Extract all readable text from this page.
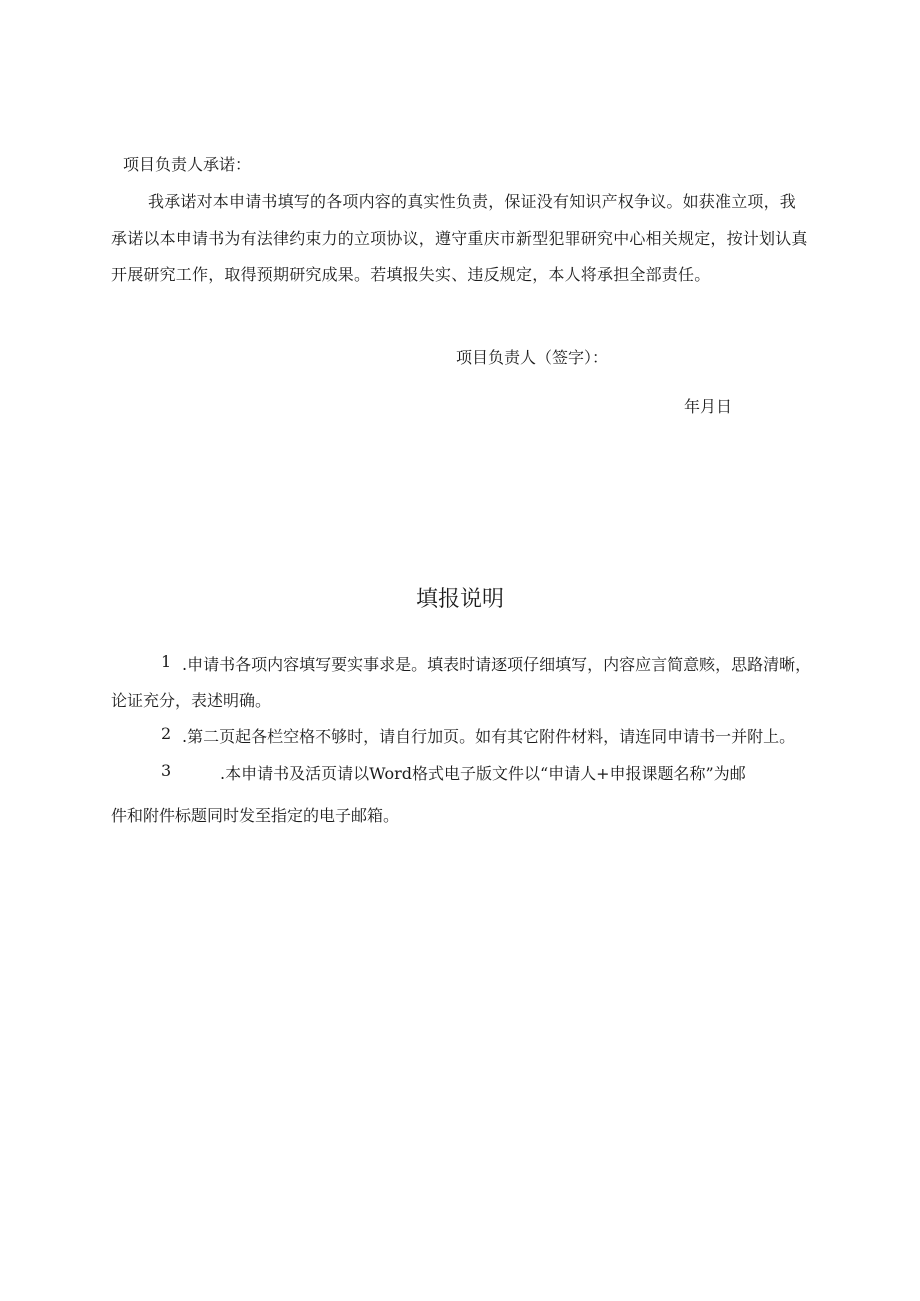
项目负责人承诺：
我承诺对本申请书填写的各项内容的真实性负责，保证没有知识产权争议。如获准立项，我
承诺以本申请书为有法律约束力的立项协议，遵守重庆市新型犯罪研究中心相关规定，按计划认真
开展研究工作，取得预期研究成果。若填报失实、违反规定，本人将承担全部责任。
项目负责人（签字）：
年月日
填报说明
1 .申请书各项内容填写要实事求是。填表时请逐项仔细填写，内容应言简意赅，思路清晰，
论证充分，表述明确。
2 .第二页起各栏空格不够时，请自行加页。如有其它附件材料，请连同申请书一并附上。
3	.本申请书及活页请以Word格式电子版文件以“申请人+申报课题名称”为邮
件和附件标题同时发至指定的电子邮箱。
